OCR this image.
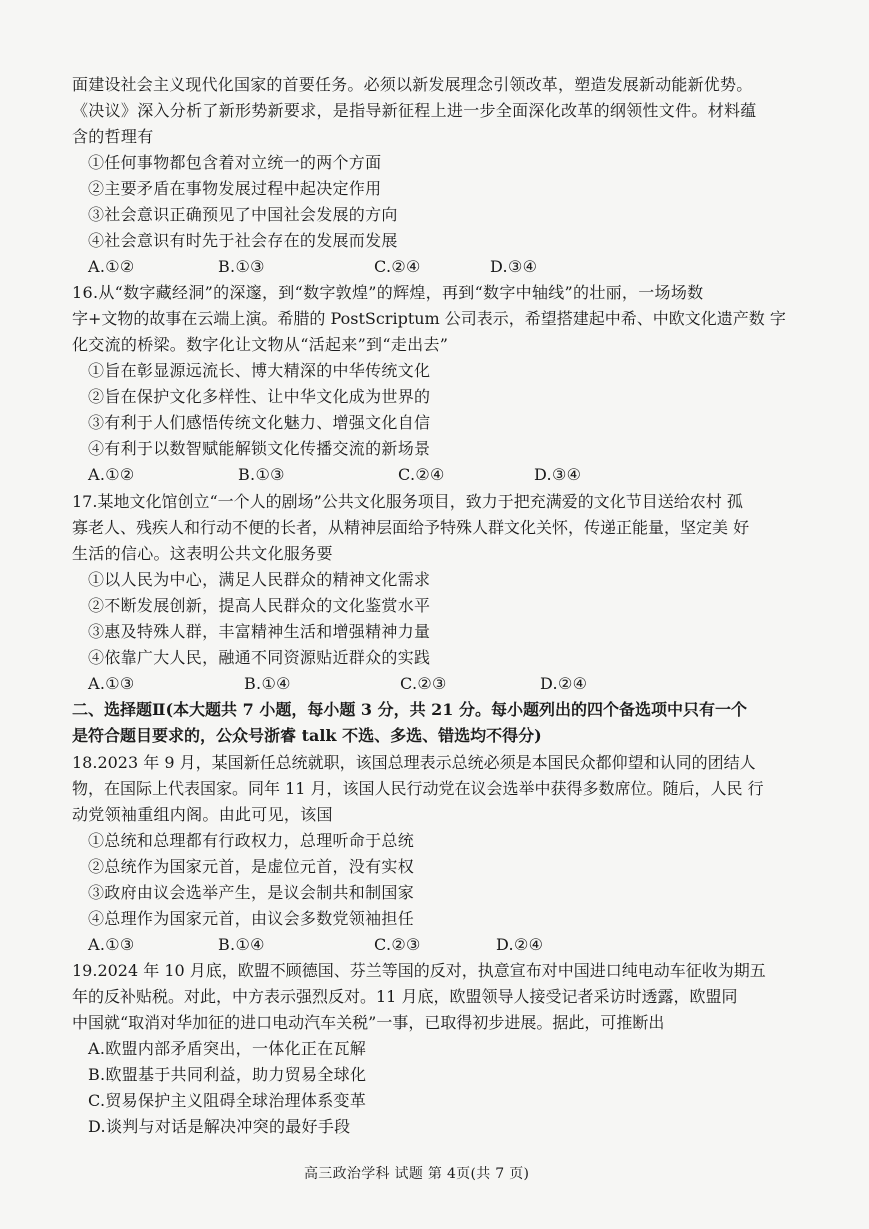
面建设社会主义现代化国家的首要任务。必须以新发展理念引领改革，塑造发展新动能新优势。
《决议》深入分析了新形势新要求，是指导新征程上进一步全面深化改革的纲领性文件。材料蕴
含的哲理有
①任何事物都包含着对立统一的两个方面
②主要矛盾在事物发展过程中起决定作用
③社会意识正确预见了中国社会发展的方向
④社会意识有时先于社会存在的发展而发展
A.①②	B.①③	C.②④	D.③④
16.从“数字藏经洞”的深邃，到“数字敦煌”的辉煌，再到“数字中轴线”的壮丽，一场场数
字+文物的故事在云端上演。希腊的 PostScriptum 公司表示，希望搭建起中希、中欧文化遗产数 字
化交流的桥梁。数字化让文物从“活起来”到“走出去”
①旨在彰显源远流长、博大精深的中华传统文化
②旨在保护文化多样性、让中华文化成为世界的
③有利于人们感悟传统文化魅力、增强文化自信
④有利于以数智赋能解锁文化传播交流的新场景
A.①②	B.①③	C.②④	D.③④
17.某地文化馆创立“一个人的剧场”公共文化服务项目，致力于把充满爱的文化节目送给农村 孤
寡老人、残疾人和行动不便的长者，从精神层面给予特殊人群文化关怀，传递正能量，坚定美 好
生活的信心。这表明公共文化服务要
①以人民为中心，满足人民群众的精神文化需求
②不断发展创新，提高人民群众的文化鉴赏水平
③惠及特殊人群，丰富精神生活和增强精神力量
④依靠广大人民，融通不同资源贴近群众的实践
A.①③	B.①④	C.②③	D.②④
二、选择题Ⅱ(本大题共 7 小题，每小题 3 分，共 21 分。每小题列出的四个备选项中只有一个
是符合题目要求的，公众号浙睿 talk 不选、多选、错选均不得分)
18.2023 年 9 月，某国新任总统就职，该国总理表示总统必须是本国民众都仰望和认同的团结人
物，在国际上代表国家。同年 11 月，该国人民行动党在议会选举中获得多数席位。随后，人民 行
动党领袖重组内阁。由此可见，该国
①总统和总理都有行政权力，总理听命于总统
②总统作为国家元首，是虚位元首，没有实权
③政府由议会选举产生，是议会制共和制国家
④总理作为国家元首，由议会多数党领袖担任
A.①③	B.①④	C.②③	D.②④
19.2024 年 10 月底，欧盟不顾德国、芬兰等国的反对，执意宣布对中国进口纯电动车征收为期五
年的反补贴税。对此，中方表示强烈反对。11 月底，欧盟领导人接受记者采访时透露，欧盟同
中国就“取消对华加征的进口电动汽车关税”一事，已取得初步进展。据此，可推断出
A.欧盟内部矛盾突出，一体化正在瓦解
B.欧盟基于共同利益，助力贸易全球化
C.贸易保护主义阻碍全球治理体系变革
D.谈判与对话是解决冲突的最好手段
高三政治学科 试题 第 4页(共 7 页)
